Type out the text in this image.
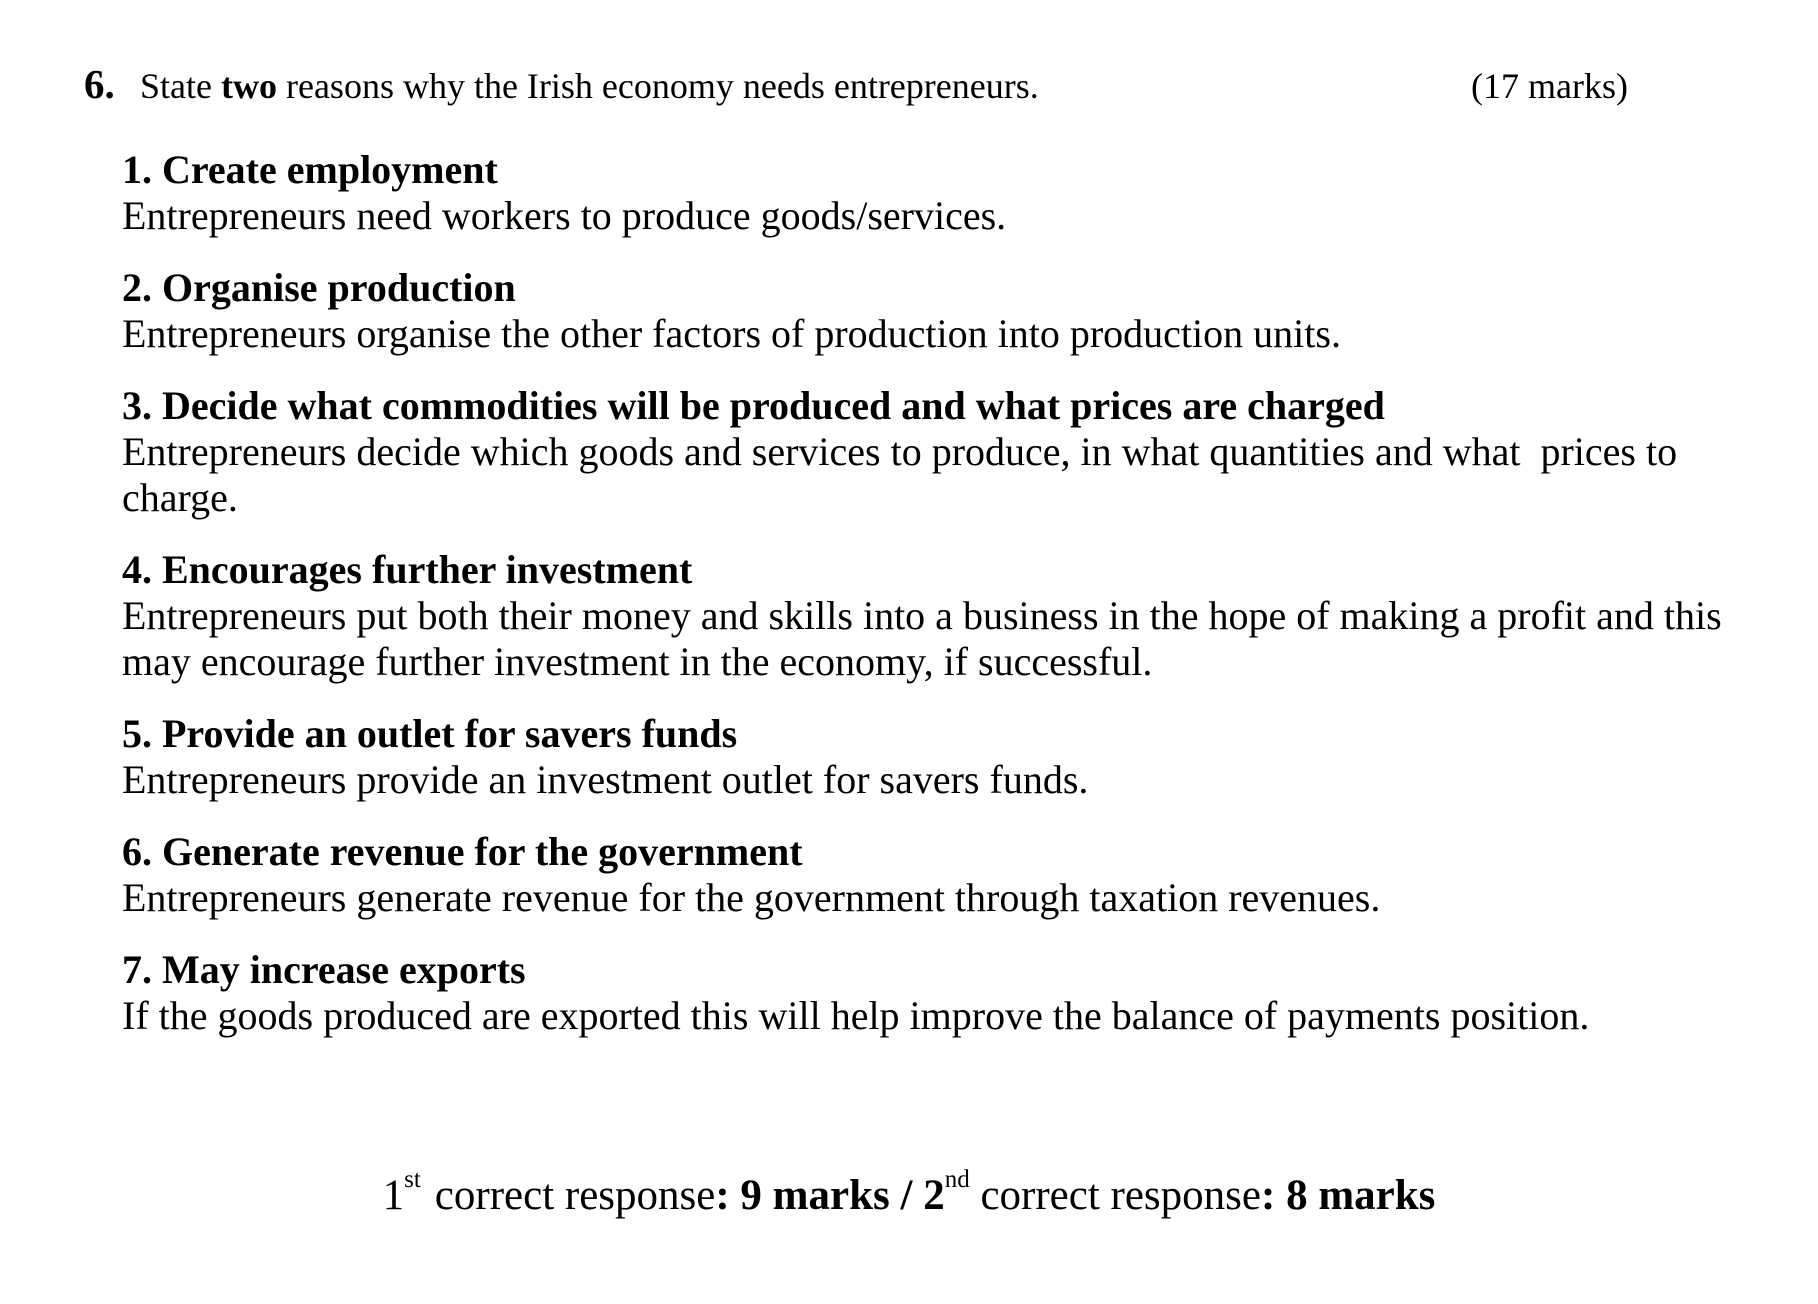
6. State two reasons why the Irish economy needs entrepreneurs.	(17 marks)
1. Create employment
Entrepreneurs need workers to produce goods/services.
2. Organise production
Entrepreneurs organise the other factors of production into production units.
3. Decide what commodities will be produced and what prices are charged
Entrepreneurs decide which goods and services to produce, in what quantities and what  prices to
charge.
4. Encourages further investment
Entrepreneurs put both their money and skills into a business in the hope of making a profit and this
may encourage further investment in the economy, if successful.
5. Provide an outlet for savers funds
Entrepreneurs provide an investment outlet for savers funds.
6. Generate revenue for the government
Entrepreneurs generate revenue for the government through taxation revenues.
7. May increase exports
If the goods produced are exported this will help improve the balance of payments position.
1st correct response: 9 marks / 2nd correct response: 8 marks
